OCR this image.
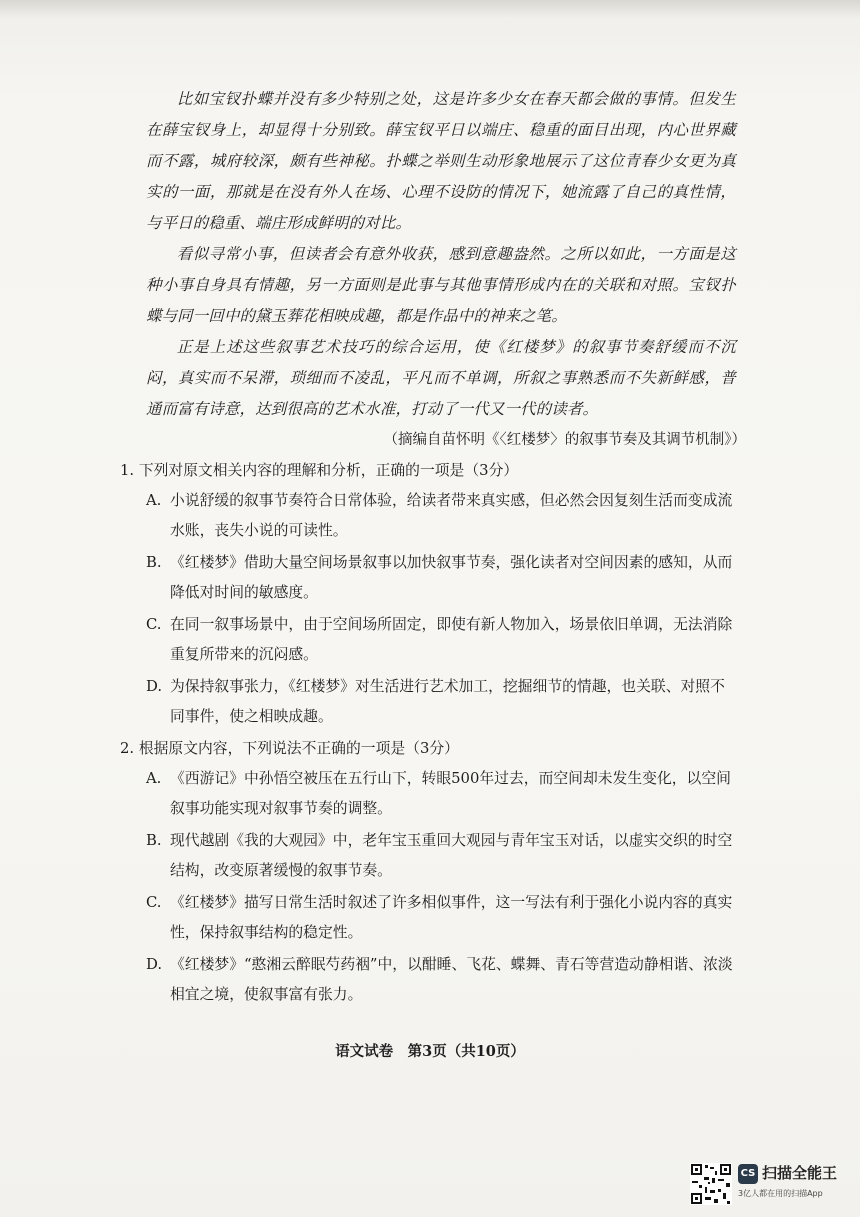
比如宝钗扑蝶并没有多少特别之处，这是许多少女在春天都会做的事情。但发生在薛宝钗身上，却显得十分别致。薛宝钗平日以端庄、稳重的面目出现，内心世界藏而不露，城府较深，颇有些神秘。扑蝶之举则生动形象地展示了这位青春少女更为真实的一面，那就是在没有外人在场、心理不设防的情况下，她流露了自己的真性情，与平日的稳重、端庄形成鲜明的对比。

看似寻常小事，但读者会有意外收获，感到意趣盎然。之所以如此，一方面是这种小事自身具有情趣，另一方面则是此事与其他事情形成内在的关联和对照。宝钗扑蝶与同一回中的黛玉葬花相映成趣，都是作品中的神来之笔。

正是上述这些叙事艺术技巧的综合运用，使《红楼梦》的叙事节奏舒缓而不沉闷，真实而不呆滞，琐细而不凌乱，平凡而不单调，所叙之事熟悉而不失新鲜感，普通而富有诗意，达到很高的艺术水准，打动了一代又一代的读者。

（摘编自苗怀明《〈红楼梦〉的叙事节奏及其调节机制》）
1. 下列对原文相关内容的理解和分析，正确的一项是（3分）
A. 小说舒缓的叙事节奏符合日常体验，给读者带来真实感，但必然会因复刻生活而变成流水账，丧失小说的可读性。
B. 《红楼梦》借助大量空间场景叙事以加快叙事节奏，强化读者对空间因素的感知，从而降低对时间的敏感度。
C. 在同一叙事场景中，由于空间场所固定，即使有新人物加入，场景依旧单调，无法消除重复所带来的沉闷感。
D. 为保持叙事张力，《红楼梦》对生活进行艺术加工，挖掘细节的情趣，也关联、对照不同事件，使之相映成趣。
2. 根据原文内容，下列说法不正确的一项是（3分）
A. 《西游记》中孙悟空被压在五行山下，转眼500年过去，而空间却未发生变化，以空间叙事功能实现对叙事节奏的调整。
B. 现代越剧《我的大观园》中，老年宝玉重回大观园与青年宝玉对话，以虚实交织的时空结构，改变原著缓慢的叙事节奏。
C. 《红楼梦》描写日常生活时叙述了许多相似事件，这一写法有利于强化小说内容的真实性，保持叙事结构的稳定性。
D. 《红楼梦》“憨湘云醉眠芍药裀”中，以酣睡、飞花、蝶舞、青石等营造动静相谐、浓淡相宜之境，使叙事富有张力。
语文试卷　第3页（共10页）
CS 扫描全能王
3亿人都在用的扫描App
